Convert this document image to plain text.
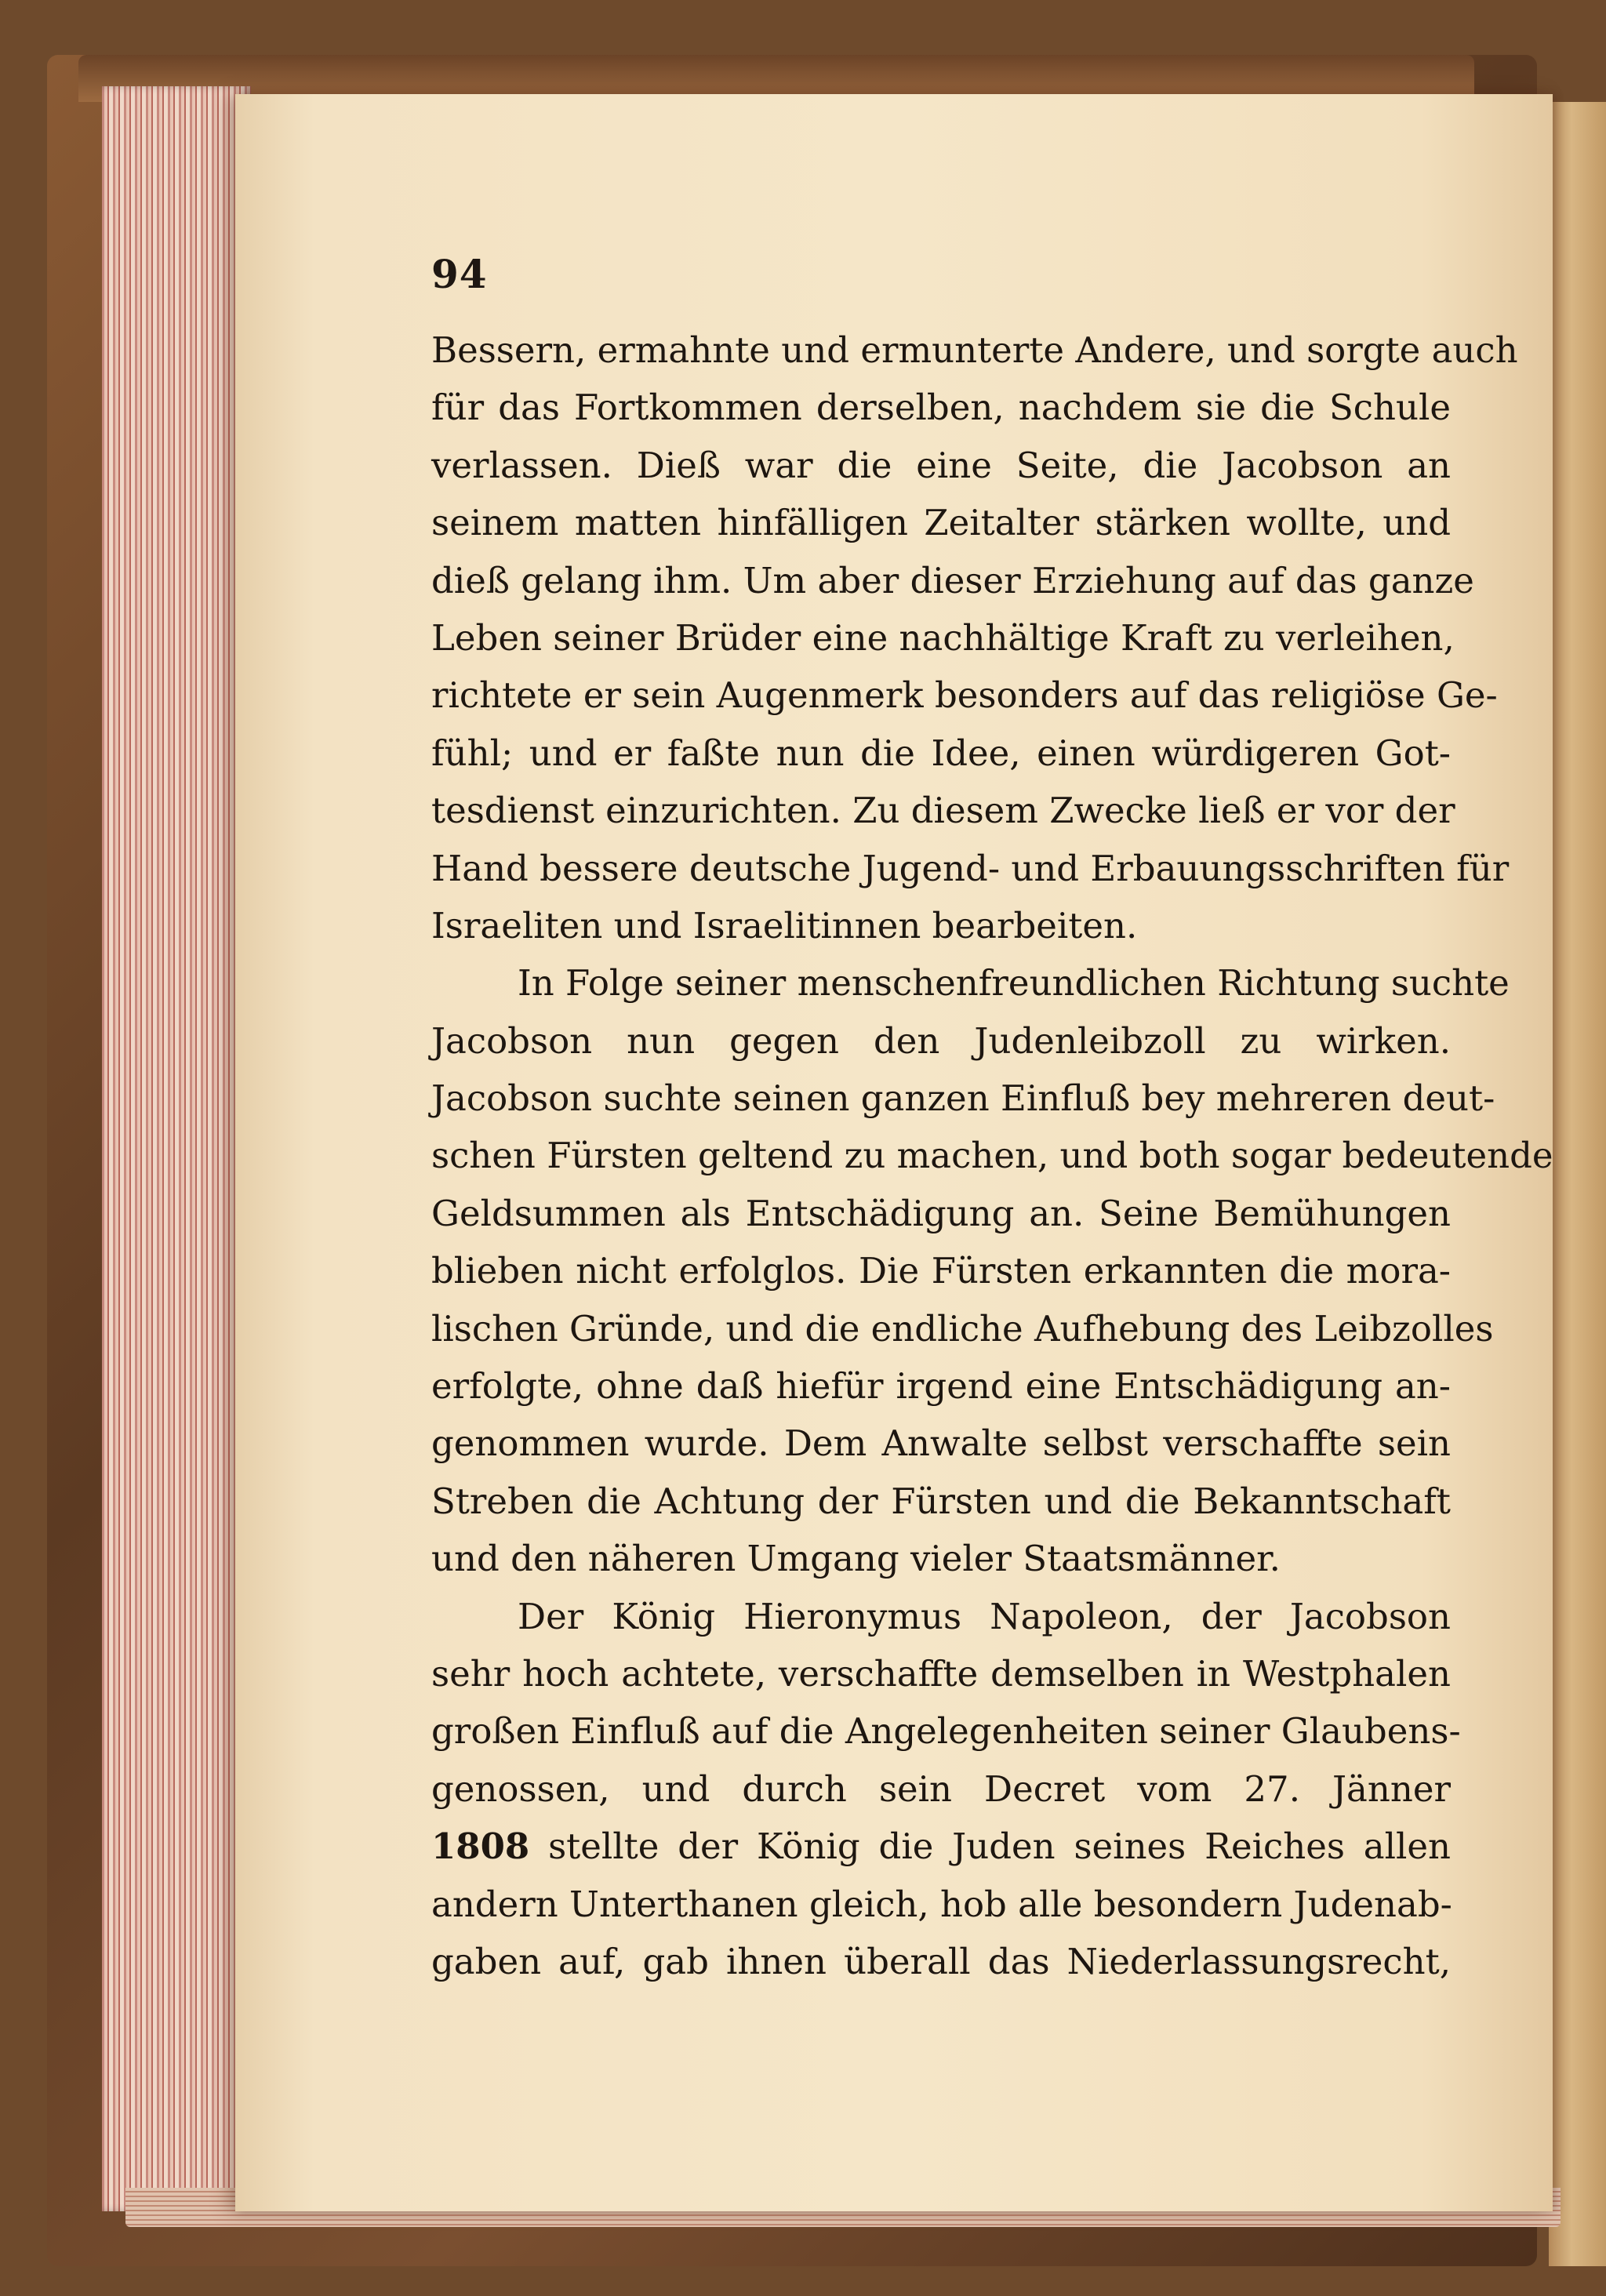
94
Bessern, ermahnte und ermunterte Andere, und sorgte auch
für das Fortkommen derselben, nachdem sie die Schule
verlassen. Dieß war die eine Seite, die Jacobson an
seinem matten hinfälligen Zeitalter stärken wollte, und
dieß gelang ihm. Um aber dieser Erziehung auf das ganze
Leben seiner Brüder eine nachhältige Kraft zu verleihen,
richtete er sein Augenmerk besonders auf das religiöse Ge-
fühl; und er faßte nun die Idee, einen würdigeren Got-
tesdienst einzurichten. Zu diesem Zwecke ließ er vor der
Hand bessere deutsche Jugend- und Erbauungsschriften für
Israeliten und Israelitinnen bearbeiten.
In Folge seiner menschenfreundlichen Richtung suchte
Jacobson nun gegen den Judenleibzoll zu wirken.
Jacobson suchte seinen ganzen Einfluß bey mehreren deut-
schen Fürsten geltend zu machen, und both sogar bedeutende
Geldsummen als Entschädigung an. Seine Bemühungen
blieben nicht erfolglos. Die Fürsten erkannten die mora-
lischen Gründe, und die endliche Aufhebung des Leibzolles
erfolgte, ohne daß hiefür irgend eine Entschädigung an-
genommen wurde. Dem Anwalte selbst verschaffte sein
Streben die Achtung der Fürsten und die Bekanntschaft
und den näheren Umgang vieler Staatsmänner.
Der König Hieronymus Napoleon, der Jacobson
sehr hoch achtete, verschaffte demselben in Westphalen
großen Einfluß auf die Angelegenheiten seiner Glaubens-
genossen, und durch sein Decret vom 27. Jänner
1808 stellte der König die Juden seines Reiches allen
andern Unterthanen gleich, hob alle besondern Judenab-
gaben auf, gab ihnen überall das Niederlassungsrecht,
